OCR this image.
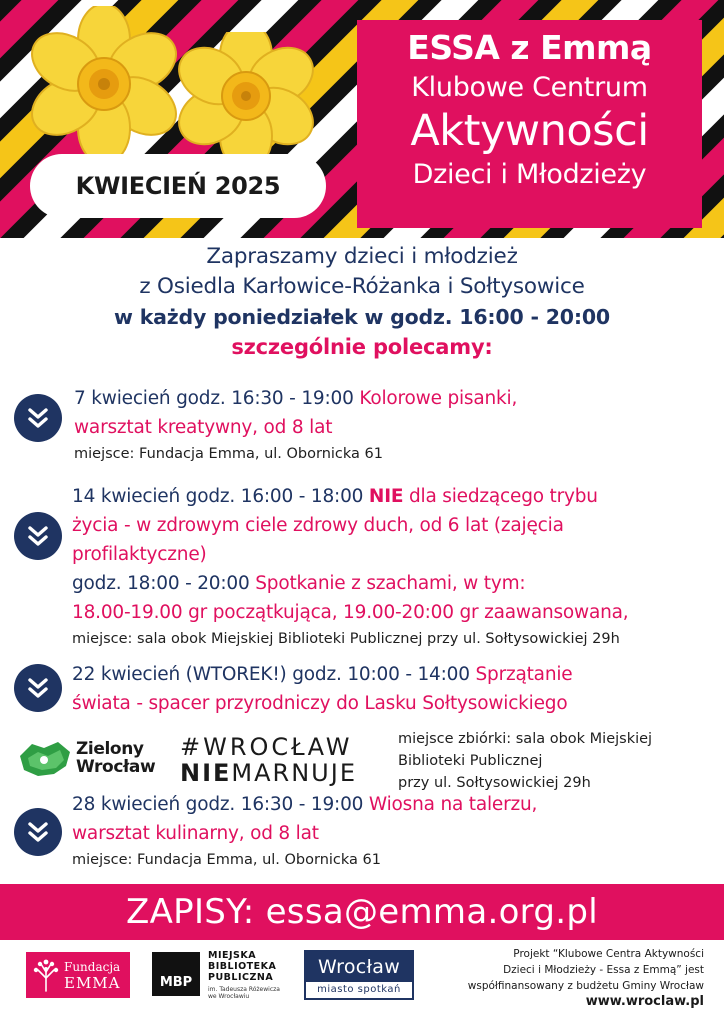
KWIECIEŃ 2025
ESSA z Emmą
Klubowe Centrum
Aktywności
Dzieci i Młodzieży
Zapraszamy dzieci i młodzież
z Osiedla Karłowice-Różanka i Sołtysowice
w każdy poniedziałek w godz. 16:00 - 20:00
szczególnie polecamy:
7 kwiecień godz. 16:30 - 19:00 Kolorowe pisanki,
warsztat kreatywny, od 8 lat
miejsce: Fundacja Emma, ul. Obornicka 61
14 kwiecień godz. 16:00 - 18:00 NIE dla siedzącego trybu
życia - w zdrowym ciele zdrowy duch, od 6 lat (zajęcia
profilaktyczne)
godz. 18:00 - 20:00 Spotkanie z szachami, w tym:
18.00-19.00 gr początkująca, 19.00-20:00 gr zaawansowana,
miejsce: sala obok Miejskiej Biblioteki Publicznej przy ul. Sołtysowickiej 29h
22 kwiecień (WTOREK!) godz. 10:00 - 14:00 Sprzątanie
świata - spacer przyrodniczy do Lasku Sołtysowickiego
Zielony
Wrocław
#WROCŁAW
NIEMARNUJE
miejsce zbiórki: sala obok Miejskiej
Biblioteki Publicznej
przy ul. Sołtysowickiej 29h
28 kwiecień godz. 16:30 - 19:00 Wiosna na talerzu,
warsztat kulinarny, od 8 lat
miejsce: Fundacja Emma, ul. Obornicka 61
ZAPISY: essa@emma.org.pl
Fundacja
EMMA	MBP
MIEJSKA
BIBLIOTEKA
PUBLICZNA
im. Tadeusza Różewicza
we Wrocławiu
Wrocław
miasto spotkań
Projekt “Klubowe Centra Aktywności
Dzieci i Młodzieży - Essa z Emmą” jest
współfinansowany z budżetu Gminy Wrocław
www.wroclaw.pl
